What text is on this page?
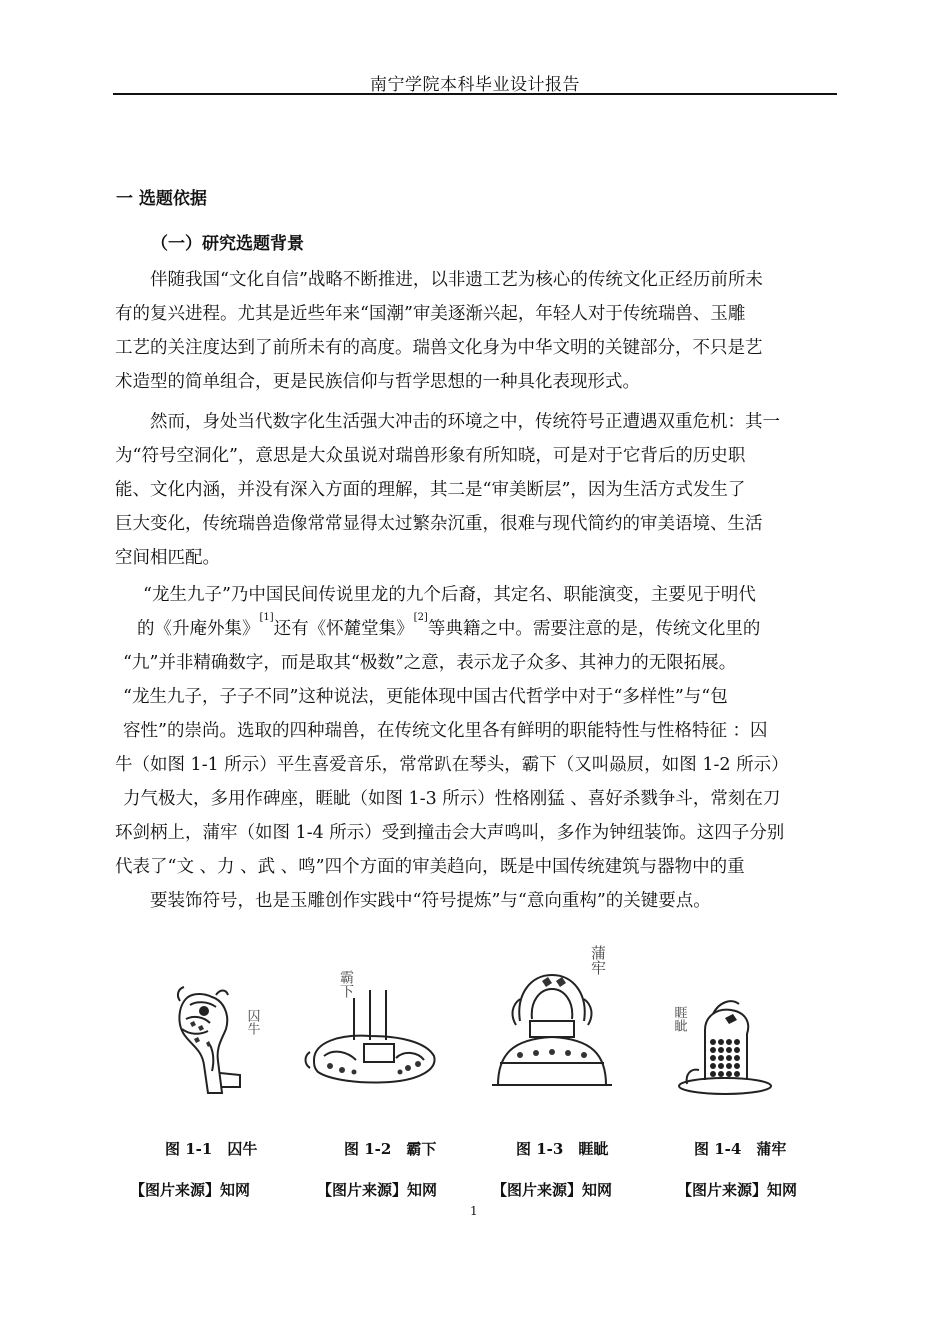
南宁学院本科毕业设计报告
一 选题依据
（一）研究选题背景
伴随我国“文化自信”战略不断推进，以非遗工艺为核心的传统文化正经历前所未
有的复兴进程。尤其是近些年来“国潮”审美逐渐兴起，年轻人对于传统瑞兽、玉雕
工艺的关注度达到了前所未有的高度。瑞兽文化身为中华文明的关键部分，不只是艺
术造型的简单组合，更是民族信仰与哲学思想的一种具化表现形式。
然而，身处当代数字化生活强大冲击的环境之中，传统符号正遭遇双重危机：其一
为“符号空洞化”，意思是大众虽说对瑞兽形象有所知晓，可是对于它背后的历史职
能、文化内涵，并没有深入方面的理解，其二是“审美断层”，因为生活方式发生了
巨大变化，传统瑞兽造像常常显得太过繁杂沉重，很难与现代简约的审美语境、生活
空间相匹配。
“龙生九子”乃中国民间传说里龙的九个后裔，其定名、职能演变，主要见于明代
的《升庵外集》[1]还有《怀麓堂集》[2]等典籍之中。需要注意的是，传统文化里的
“九”并非精确数字，而是取其“极数”之意，表示龙子众多、其神力的无限拓展。
“龙生九子，子子不同”这种说法，更能体现中国古代哲学中对于“多样性”与“包
容性”的崇尚。选取的四种瑞兽，在传统文化里各有鲜明的职能特性与性格特征 ：囚
牛（如图 1-1 所示）平生喜爱音乐，常常趴在琴头，霸下（又叫赑屃，如图 1-2 所示）
力气极大，多用作碑座，睚眦（如图 1-3 所示）性格刚猛 、喜好杀戮争斗，常刻在刀
环剑柄上，蒲牢（如图 1-4 所示）受到撞击会大声鸣叫，多作为钟纽装饰。这四子分别
代表了“文 、力 、武 、鸣”四个方面的审美趋向，既是中国传统建筑与器物中的重
要装饰符号，也是玉雕创作实践中“符号提炼”与“意向重构”的关键要点。
囚牛
霸下
蒲牢
睚眦
图 1-1　囚牛	图 1-2　霸下	图 1-3　睚眦	图 1-4　蒲牢
【图片来源】知网	【图片来源】知网	【图片来源】知网	【图片来源】知网
1
